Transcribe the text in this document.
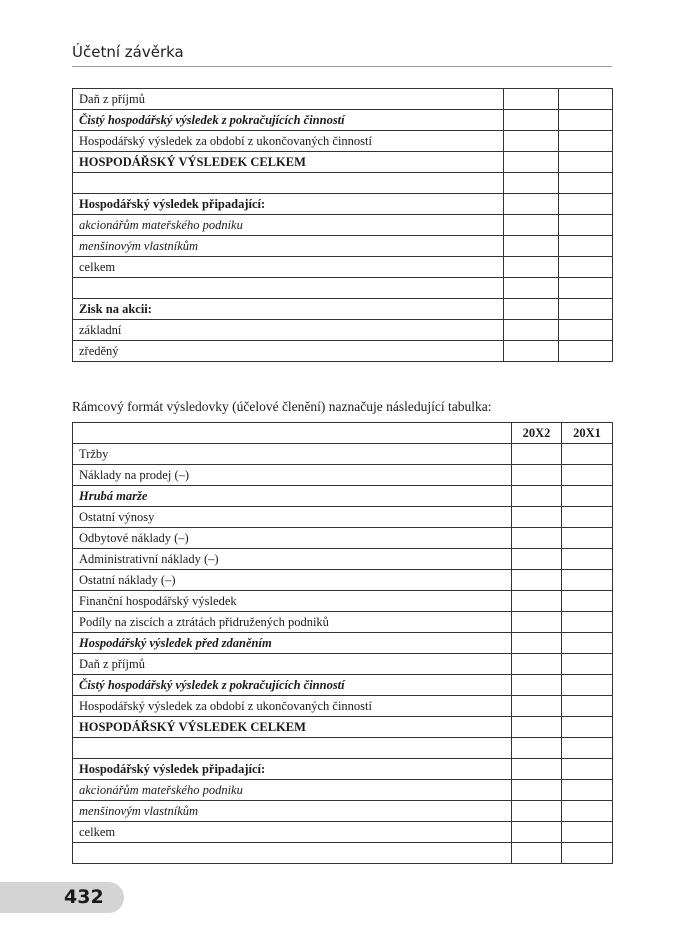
Účetní závěrka
Daň z příjmů		
Čistý hospodářský výsledek z pokračujících činností		
Hospodářský výsledek za období z ukončovaných činností		
HOSPODÁŘSKÝ VÝSLEDEK CELKEM		

Hospodářský výsledek připadající:		
akcionářům mateřského podniku		
menšinovým vlastníkům		
celkem		

Zisk na akcii:		
základní		
zředěný		
Rámcový formát výsledovky (účelové členění) naznačuje následující tabulka:
	20X2	20X1
Tržby		
Náklady na prodej (–)		
Hrubá marže		
Ostatní výnosy		
Odbytové náklady (–)		
Administrativní náklady (–)		
Ostatní náklady (–)		
Finanční hospodářský výsledek		
Podíly na ziscích a ztrátách přidružených podniků		
Hospodářský výsledek před zdaněním		
Daň z příjmů		
Čistý hospodářský výsledek z pokračujících činností		
Hospodářský výsledek za období z ukončovaných činností		
HOSPODÁŘSKÝ VÝSLEDEK CELKEM		

Hospodářský výsledek připadající:		
akcionářům mateřského podniku		
menšinovým vlastníkům		
celkem		

432
